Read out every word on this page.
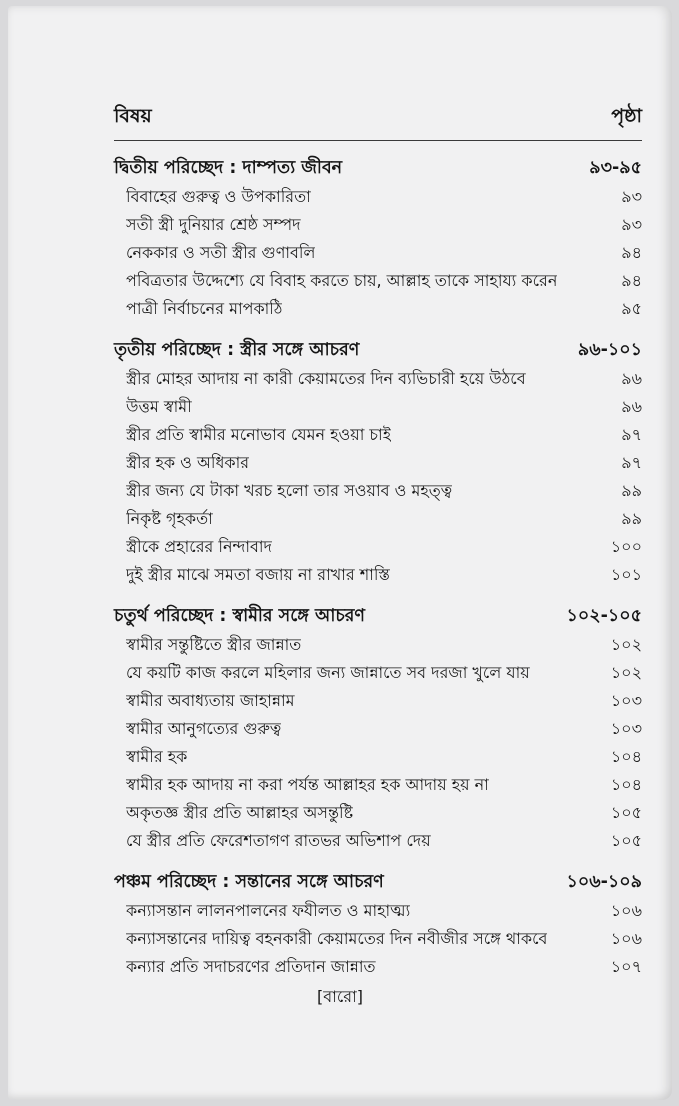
বিষয়	পৃষ্ঠা
দ্বিতীয় পরিচ্ছেদ : দাম্পত্য জীবন	৯৩-৯৫
বিবাহের গুরুত্ব ও উপকারিতা	৯৩
সতী স্ত্রী দুনিয়ার শ্রেষ্ঠ সম্পদ	৯৩
নেককার ও সতী স্ত্রীর গুণাবলি	৯৪
পবিত্রতার উদ্দেশ্যে যে বিবাহ করতে চায়, আল্লাহ তাকে সাহায্য করেন	৯৪
পাত্রী নির্বাচনের মাপকাঠি	৯৫
তৃতীয় পরিচ্ছেদ : স্ত্রীর সঙ্গে আচরণ	৯৬-১০১
স্ত্রীর মোহর আদায় না কারী কেয়ামতের দিন ব্যভিচারী হয়ে উঠবে	৯৬
উত্তম স্বামী	৯৬
স্ত্রীর প্রতি স্বামীর মনোভাব যেমন হওয়া চাই	৯৭
স্ত্রীর হক ও অধিকার	৯৭
স্ত্রীর জন্য যে টাকা খরচ হলো তার সওয়াব ও মহত্ত্ব	৯৯
নিকৃষ্ট গৃহকর্তা	৯৯
স্ত্রীকে প্রহারের নিন্দাবাদ	১০০
দুই স্ত্রীর মাঝে সমতা বজায় না রাখার শাস্তি	১০১
চতুর্থ পরিচ্ছেদ : স্বামীর সঙ্গে আচরণ	১০২-১০৫
স্বামীর সন্তুষ্টিতে স্ত্রীর জান্নাত	১০২
যে কয়টি কাজ করলে মহিলার জন্য জান্নাতে সব দরজা খুলে যায়	১০২
স্বামীর অবাধ্যতায় জাহান্নাম	১০৩
স্বামীর আনুগত্যের গুরুত্ব	১০৩
স্বামীর হক	১০৪
স্বামীর হক আদায় না করা পর্যন্ত আল্লাহর হক আদায় হয় না	১০৪
অকৃতজ্ঞ স্ত্রীর প্রতি আল্লাহর অসন্তুষ্টি	১০৫
যে স্ত্রীর প্রতি ফেরেশতাগণ রাতভর অভিশাপ দেয়	১০৫
পঞ্চম পরিচ্ছেদ : সন্তানের সঙ্গে আচরণ	১০৬-১০৯
কন্যাসন্তান লালনপালনের ফযীলত ও মাহাত্ম্য	১০৬
কন্যাসন্তানের দায়িত্ব বহনকারী কেয়ামতের দিন নবীজীর সঙ্গে থাকবে	১০৬
কন্যার প্রতি সদাচরণের প্রতিদান জান্নাত	১০৭
[বারো]
